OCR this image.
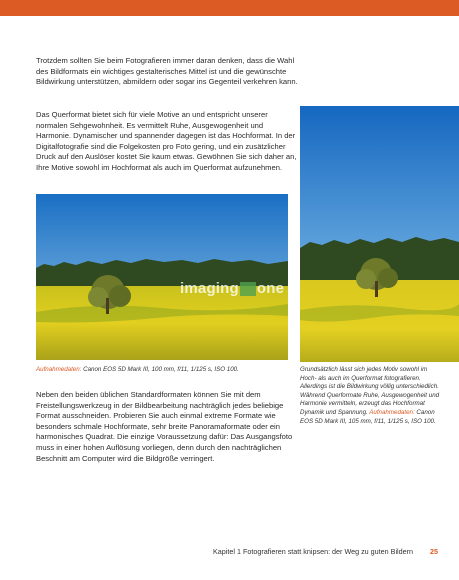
Trotzdem sollten Sie beim Fotografieren immer daran denken, dass die Wahl des Bildformats ein wichtiges gestalterisches Mittel ist und die gewünschte Bildwirkung unterstützen, abmildern oder sogar ins Gegenteil verkehren kann.

Das Querformat bietet sich für viele Motive an und entspricht unserer normalen Sehgewohnheit. Es vermittelt Ruhe, Ausgewogenheit und Harmonie. Dynamischer und spannender dagegen ist das Hochformat. In der Digitalfotografie sind die Folgekosten pro Foto gering, und ein zusätzlicher Druck auf den Auslöser kostet Sie kaum etwas. Gewöhnen Sie sich daher an, Ihre Motive sowohl im Hochformat als auch im Querformat aufzunehmen.

imaging one
Aufnahmedaten: Canon EOS 5D Mark III, 100 mm, f/11, 1/125 s, ISO 100.	Grundsätzlich lässt sich jedes Motiv sowohl im Hoch- als auch im Querformat fotografieren. Allerdings ist die Bildwirkung völlig unterschiedlich. Während Querformate Ruhe, Ausgewogenheit und Harmonie vermitteln, erzeugt das Hochformat Dynamik und Spannung. Aufnahmedaten: Canon EOS 5D Mark III, 105 mm, f/11, 1/125 s, ISO 100.

Neben den beiden üblichen Standardformaten können Sie mit dem Freistellungswerkzeug in der Bildbearbeitung nachträglich jedes beliebige Format ausschneiden. Probieren Sie auch einmal extreme Formate wie besonders schmale Hochformate, sehr breite Panoramaformate oder ein harmonisches Quadrat. Die einzige Voraussetzung dafür: Das Ausgangsfoto muss in einer hohen Auflösung vorliegen, denn durch den nachträglichen Beschnitt am Computer wird die Bildgröße verringert.

Kapitel 1 Fotografieren statt knipsen: der Weg zu guten Bildern 25
